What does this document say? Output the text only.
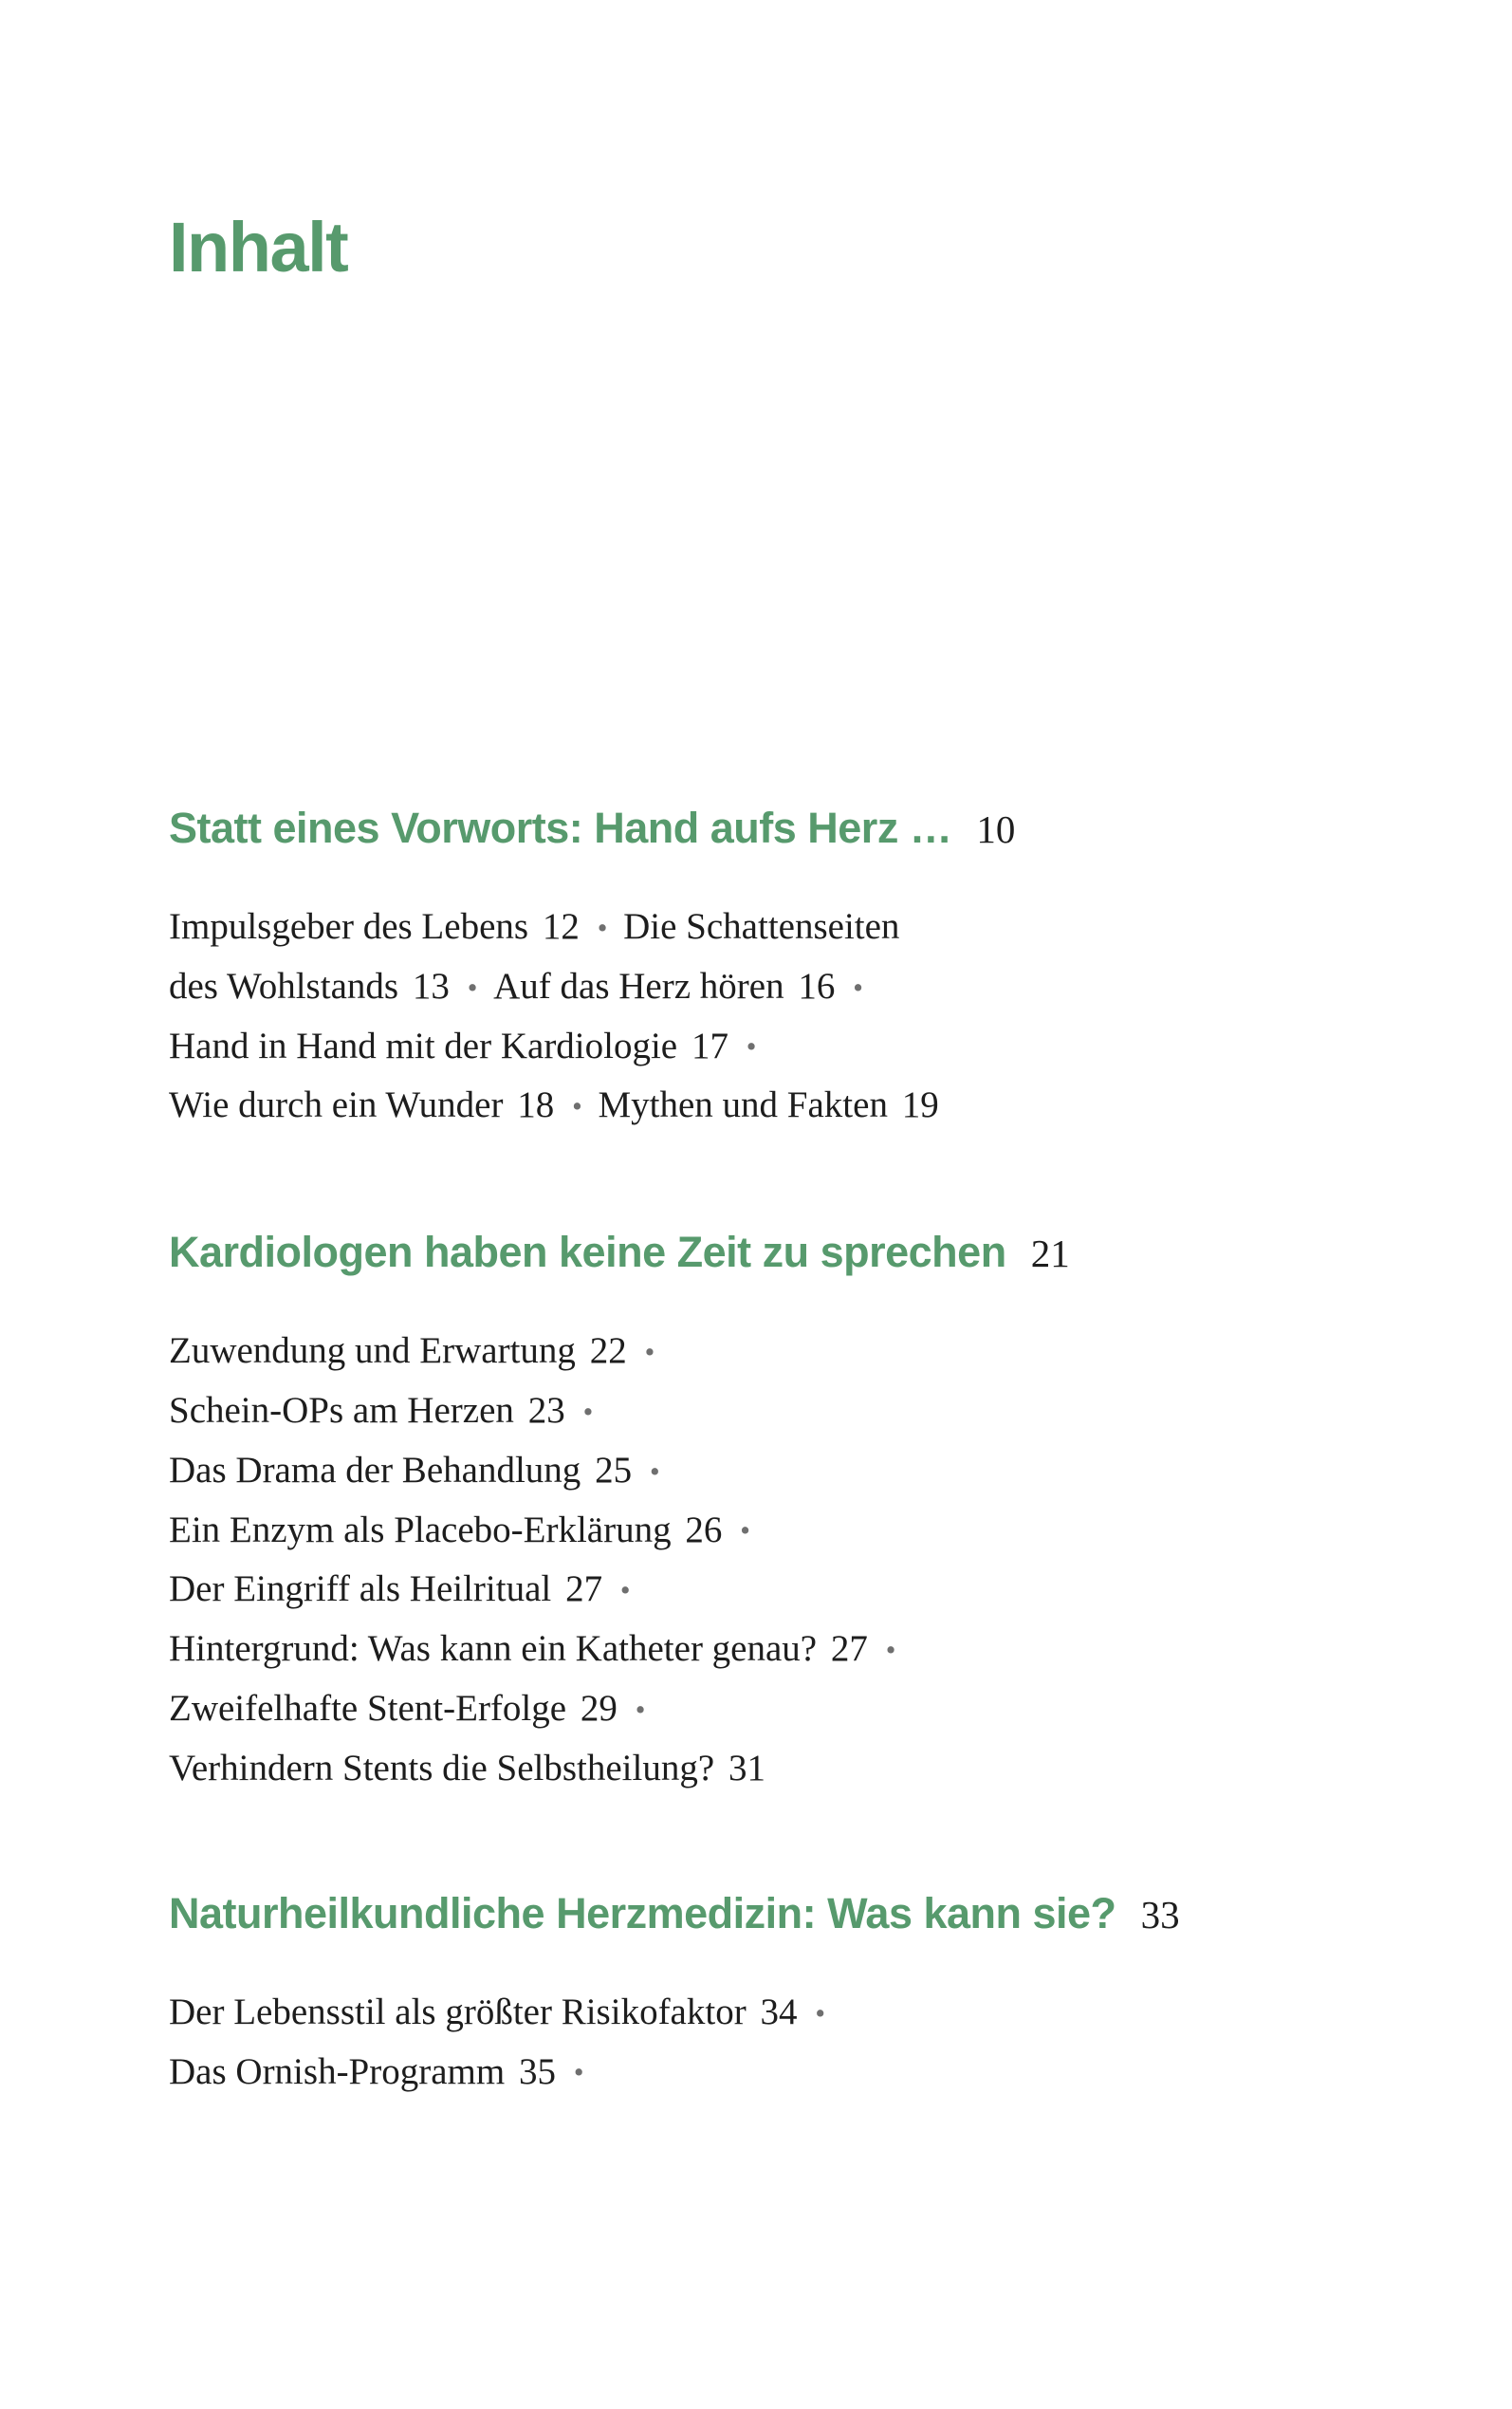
Inhalt
Statt eines Vorworts: Hand aufs Herz … 10
Impulsgeber des Lebens 12 • Die Schattenseiten
des Wohlstands 13 • Auf das Herz hören 16 •
Hand in Hand mit der Kardiologie 17 •
Wie durch ein Wunder 18 • Mythen und Fakten 19
Kardiologen haben keine Zeit zu sprechen 21
Zuwendung und Erwartung 22 •
Schein-OPs am Herzen 23 •
Das Drama der Behandlung 25 •
Ein Enzym als Placebo-Erklärung 26 •
Der Eingriff als Heilritual 27 •
Hintergrund: Was kann ein Katheter genau? 27 •
Zweifelhafte Stent-Erfolge 29 •
Verhindern Stents die Selbstheilung? 31
Naturheilkundliche Herzmedizin: Was kann sie? 33
Der Lebensstil als größter Risikofaktor 34 •
Das Ornish-Programm 35 •
